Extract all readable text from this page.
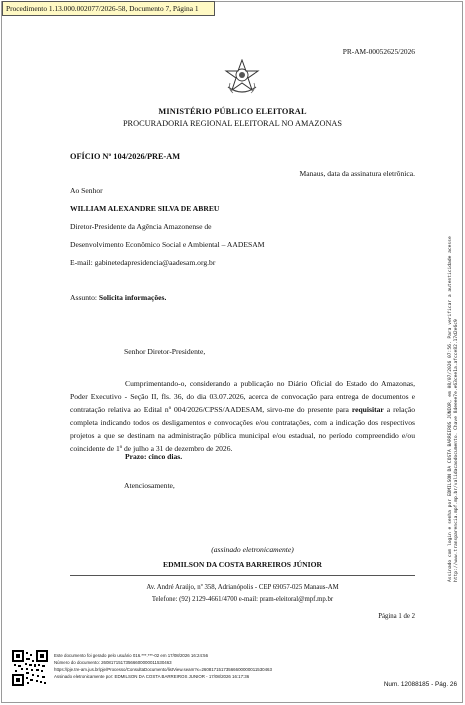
Procedimento 1.13.000.002077/2026-58, Documento 7, Página 1
PR-AM-00052625/2026
MINISTÉRIO PÚBLICO ELEITORAL
PROCURADORIA REGIONAL ELEITORAL NO AMAZONAS
OFÍCIO Nº 104/2026/PRE-AM
Manaus, data da assinatura eletrônica.
Ao Senhor
WILLIAM ALEXANDRE SILVA DE ABREU
Diretor-Presidente da Agência Amazonense de
Desenvolvimento Econômico Social e Ambiental – AADESAM
E-mail: gabinetedapresidencia@aadesam.org.br
Assunto: Solicita informações.
Senhor Diretor-Presidente,
Cumprimentando-o, considerando a publicação no Diário Oficial do Estado do Amazonas, Poder Executivo - Seção II, fls. 36, do dia 03.07.2026, acerca de convocação para entrega de documentos e contratação relativa ao Edital nº 004/2026/CPSS/AADESAM, sirvo-me do presente para requisitar a relação completa indicando todos os desligamentos e convocações e/ou contratações, com a indicação dos respectivos projetos a que se destinam na administração pública municipal e/ou estadual, no período compreendido e/ou coincidente de 1º de julho a 31 de dezembro de 2026.
Prazo: cinco dias.
Atenciosamente,
(assinado eletronicamente)
EDMILSON DA COSTA BARREIROS JÚNIOR
Av. André Araújo, nº 358, Adrianópolis - CEP 69057-025 Manaus-AM
Telefone: (92) 2129-4661/4700 e-mail: pram-eleitoral@mpf.mp.br
Página 1 de 2
Assinado com login e senha por EDMILSON DA COSTA BARREIROS JÚNIOR, em 08/07/2026 07:56. Para verificar a autenticidade acesse
http://www.transparencia.mpf.mp.br/validacaodocumento. Chave 84eeee7e.e63cee1a.afcce82.17d2e6c9
Este documento foi gerado pelo usuário 016.***.***-02 em 17/08/2026 16:24:56
Número do documento: 26081715173566600000011530463
https://pje.tre-am.jus.br/pje/Processo/ConsultaDocumento/listView.seam?x=26081715173566600000011530463
Assinado eletronicamente por: EDMILSON DA COSTA BARREIROS JUNIOR - 17/08/2026 16:17:36
Num. 12088185 - Pág. 26
